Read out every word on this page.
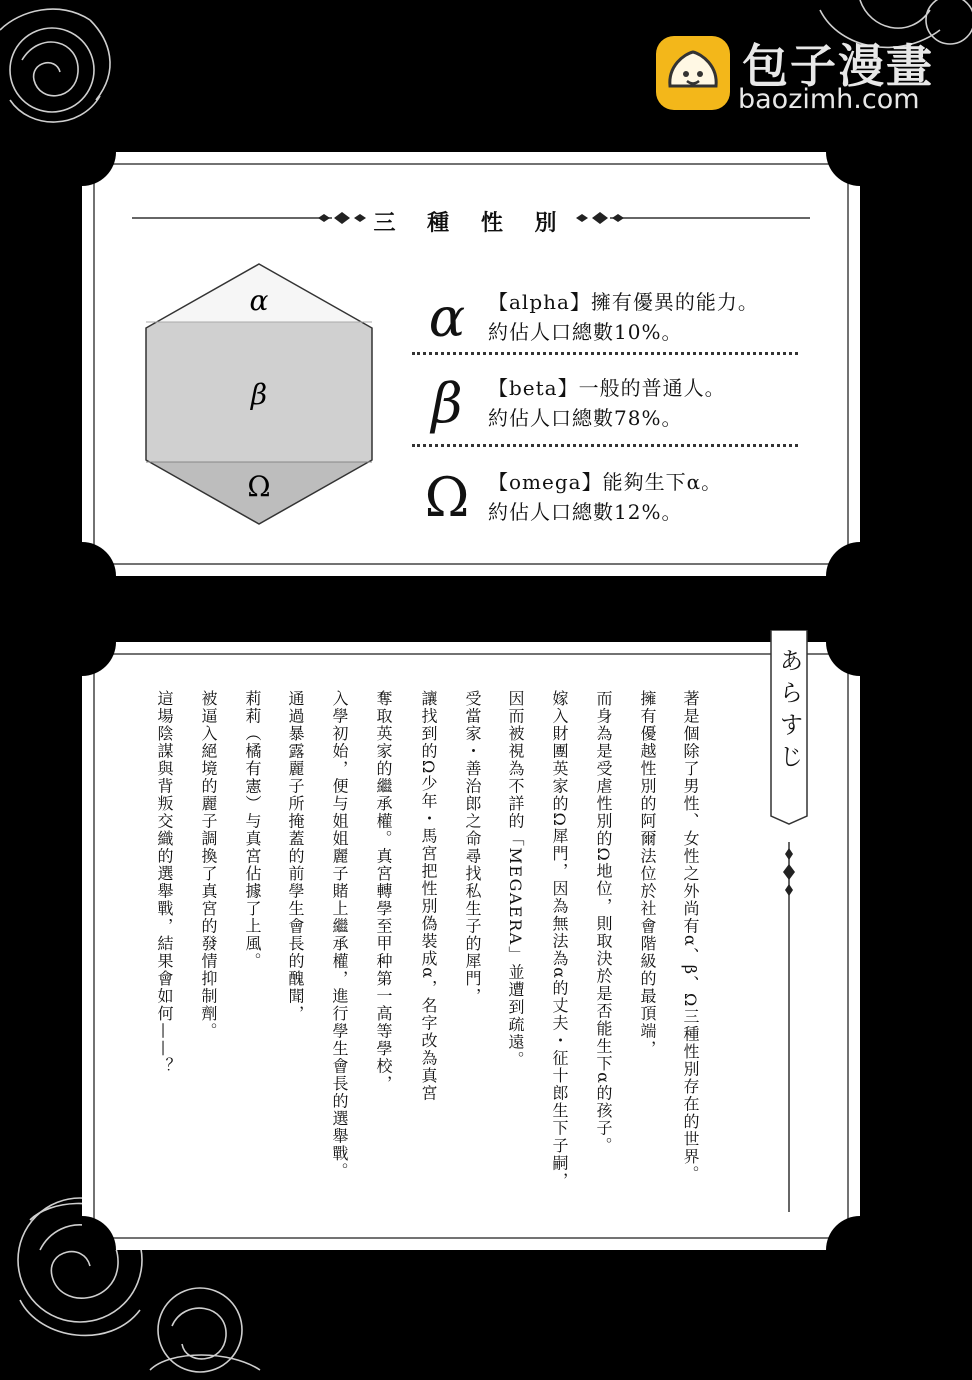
包子漫畫
baozimh.com
三 種 性 別
α
β
Ω
α	【alpha】擁有優異的能力。
約佔人口總數10%。
β	【beta】一般的普通人。
約佔人口總數78%。
Ω 【omega】能夠生下α。
約佔人口總數12%。
あらすじ
著是個除了男性、女性之外尚有α、β、Ω三種性別存在的世界。
擁有優越性別的阿爾法位於社會階級的最頂端，
而身為是受虐性別的Ω地位，則取決於是否能生下α的孩子。
嫁入財團英家的Ω犀門，因為無法為α的丈夫・征十郎生下子嗣，
因而被視為不詳的「MEGAERA」並遭到疏遠。
受當家・善治郎之命尋找私生子的犀門，
讓找到的Ω少年・馬宮把性別偽裝成α，名字改為真宮
奪取英家的繼承權。真宮轉學至甲种第一高等學校，
入學初始，便与姐姐麗子賭上繼承權，進行學生會長的選舉戰。
通過暴露麗子所掩蓋的前學生會長的醜聞，
莉莉（橘有憲）与真宮佔據了上風。
被逼入絕境的麗子調換了真宮的發情抑制劑。
這場陰謀與背叛交織的選舉戰，結果會如何——？
